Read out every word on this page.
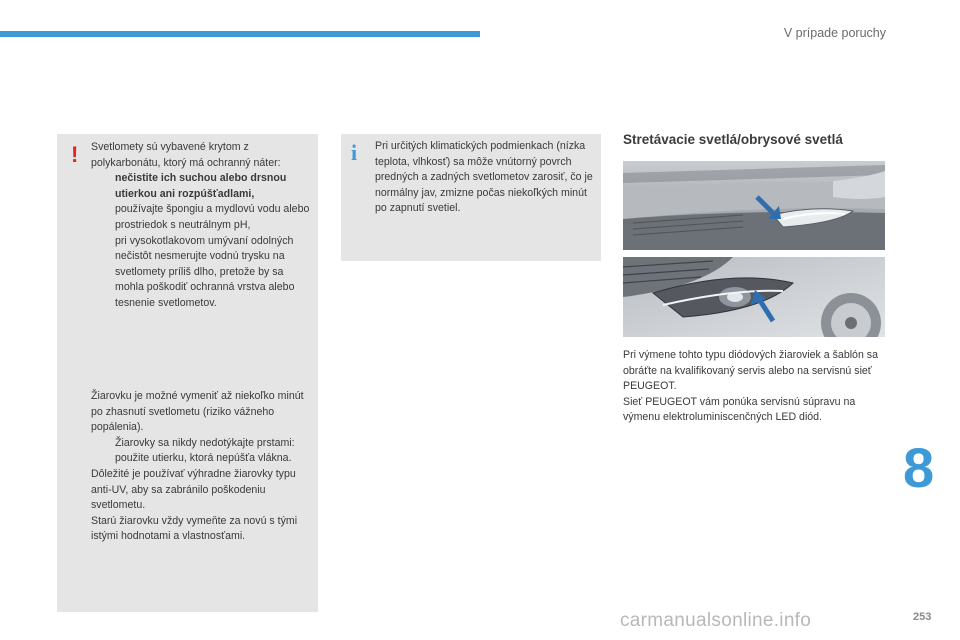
V prípade poruchy
! Svetlomety sú vybavené krytom z polykarbonátu, ktorý má ochranný náter:
nečistite ich suchou alebo drsnou utierkou ani rozpúšťadlami,
používajte špongiu a mydlovú vodu alebo prostriedok s neutrálnym pH,
pri vysokotlakovom umývaní odolných nečistôt nesmerujte vodnú trysku na svetlomety príliš dlho, pretože by sa mohla poškodiť ochranná vrstva alebo tesnenie svetlometov.
Žiarovku je možné vymeniť až niekoľko minút po zhasnutí svetlometu (riziko vážneho popálenia).
Žiarovky sa nikdy nedotýkajte prstami: použite utierku, ktorá nepúšťa vlákna.
Dôležité je používať výhradne žiarovky typu anti-UV, aby sa zabránilo poškodeniu svetlometu.
Starú žiarovku vždy vymeňte za novú s tými istými hodnotami a vlastnosťami.
i Pri určitých klimatických podmienkach (nízka teplota, vlhkosť) sa môže vnútorný povrch predných a zadných svetlometov zarosiť, čo je normálny jav, zmizne počas niekoľkých minút po zapnutí svetiel.
Stretávacie svetlá/obrysové svetlá
Pri výmene tohto typu diódových žiaroviek a šablón sa obráťte na kvalifikovaný servis alebo na servisnú sieť PEUGEOT.
Sieť PEUGEOT vám ponúka servisnú súpravu na výmenu elektroluminiscenčných LED diód.
8
253
carmanualsonline.info
